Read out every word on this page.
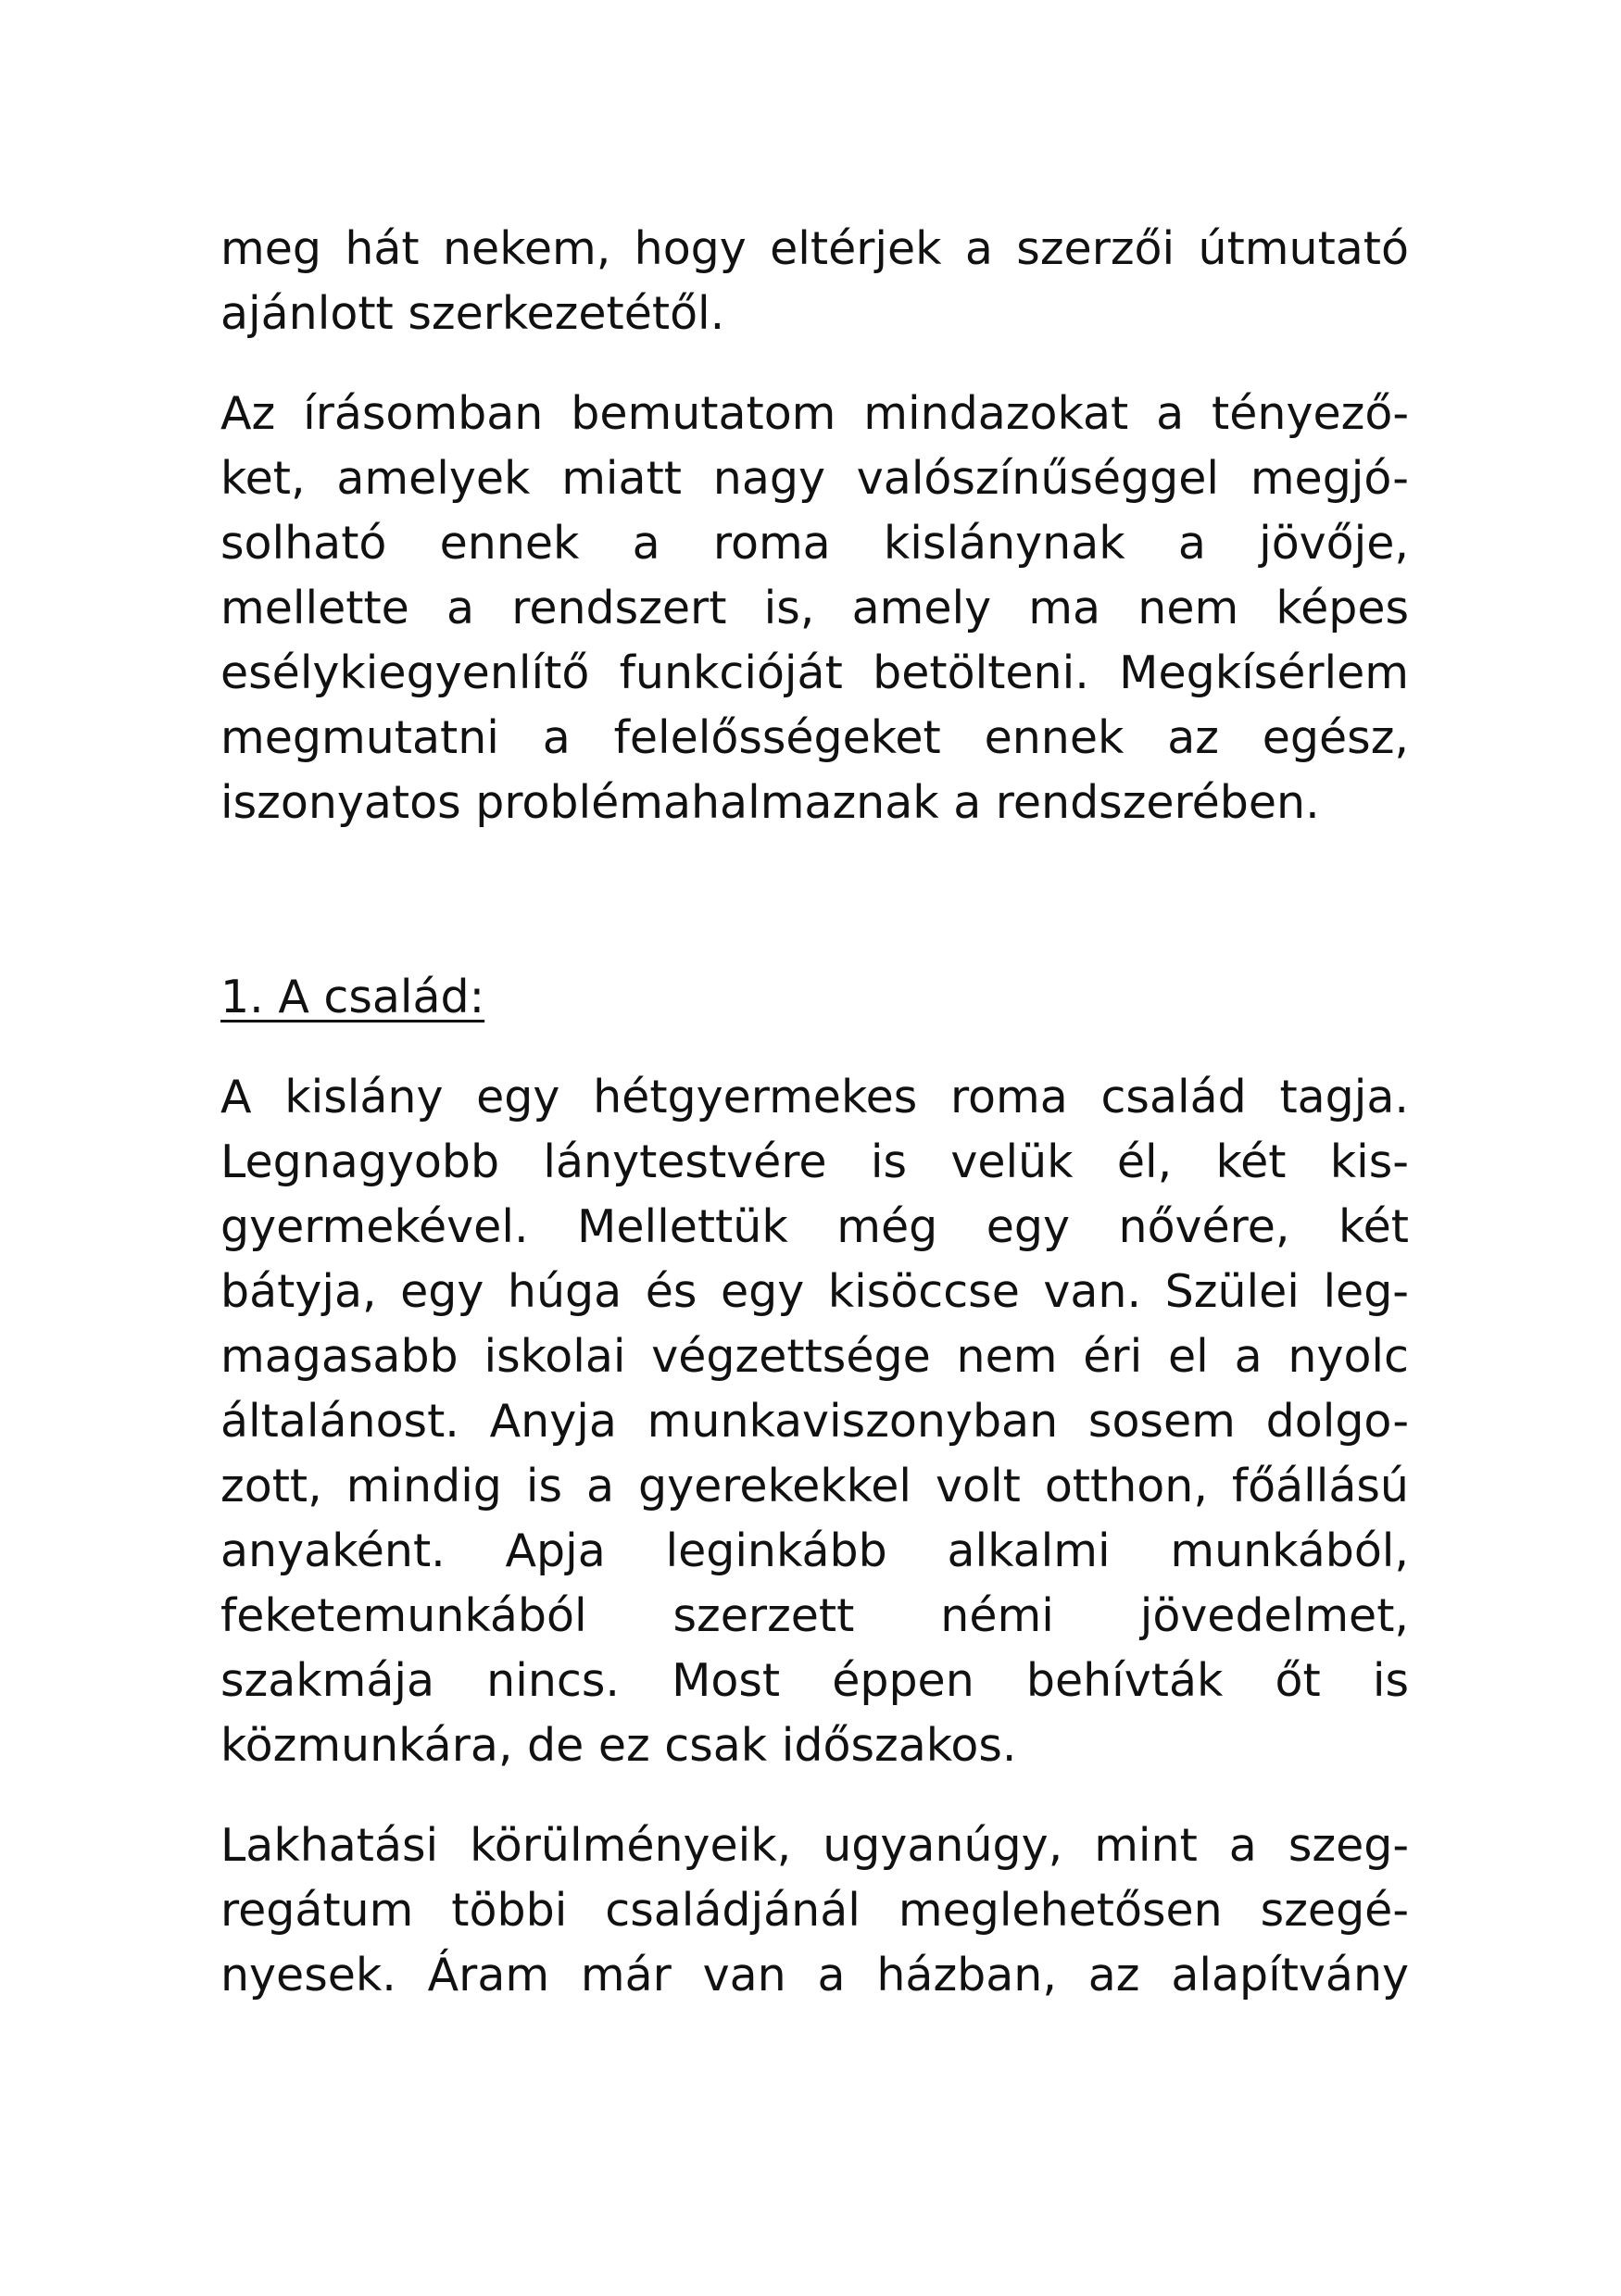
meg hát nekem, hogy eltérjek a szerzői útmutató
ajánlott szerkezetétől.

Az írásomban bemutatom mindazokat a tényező-
ket, amelyek miatt nagy valószínűséggel megjó-
solható ennek a roma kislánynak a jövője,
mellette a rendszert is, amely ma nem képes
esélykiegyenlítő funkcióját betölteni. Megkísérlem
megmutatni a felelősségeket ennek az egész,
iszonyatos problémahalmaznak a rendszerében.

1. A család:

A kislány egy hétgyermekes roma család tagja.
Legnagyobb lánytestvére is velük él, két kis-
gyermekével. Mellettük még egy nővére, két
bátyja, egy húga és egy kisöccse van. Szülei leg-
magasabb iskolai végzettsége nem éri el a nyolc
általánost. Anyja munkaviszonyban sosem dolgo-
zott, mindig is a gyerekekkel volt otthon, főállású
anyaként. Apja leginkább alkalmi munkából,
feketemunkából szerzett némi jövedelmet,
szakmája nincs. Most éppen behívták őt is
közmunkára, de ez csak időszakos.

Lakhatási körülményeik, ugyanúgy, mint a szeg-
regátum többi családjánál meglehetősen szegé-
nyesek. Áram már van a házban, az alapítvány
